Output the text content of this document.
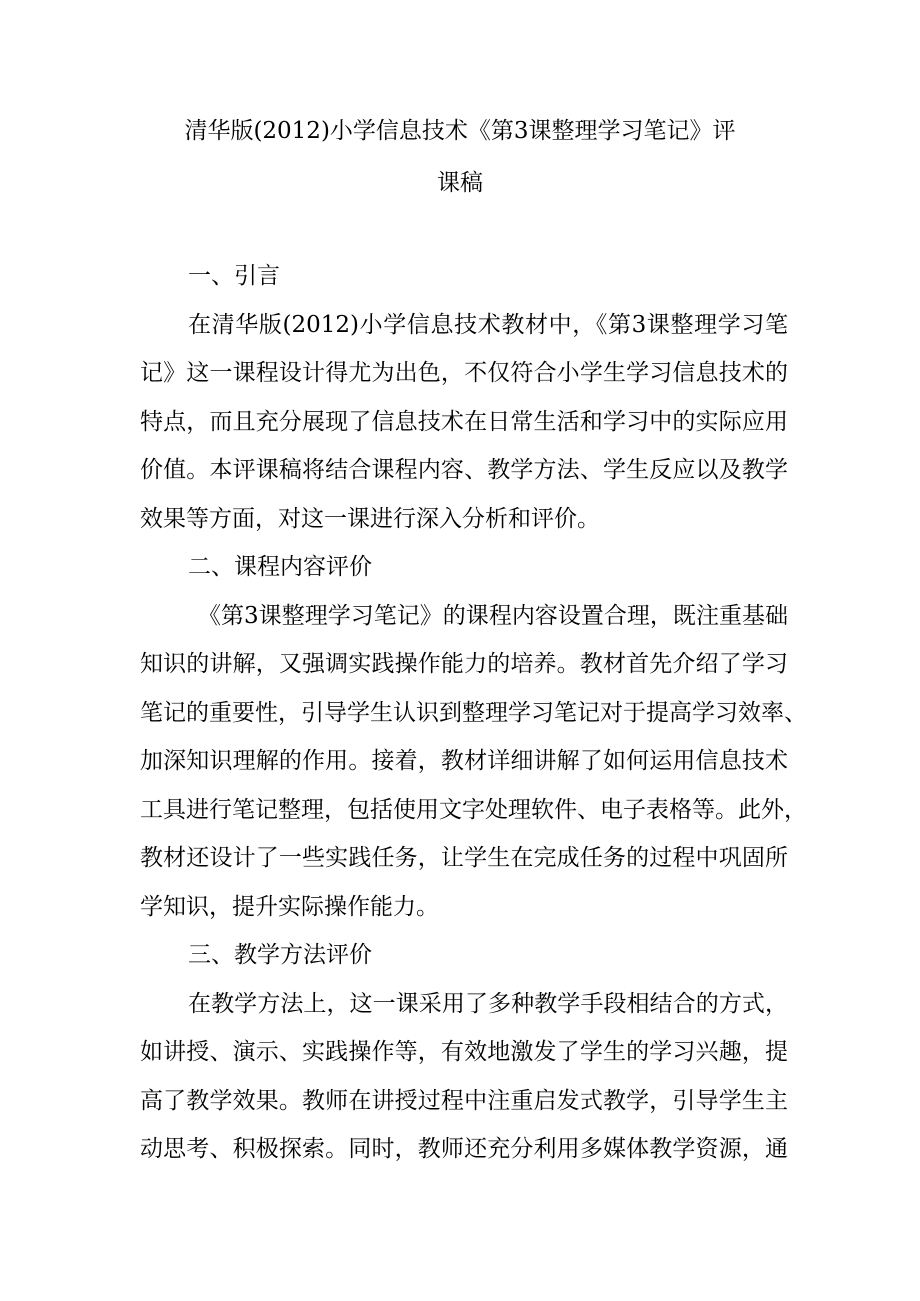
清华版(2012)小学信息技术《第3课整理学习笔记》评
课稿
一、引言

在清华版(2012)小学信息技术教材中，《第3课整理学习笔
记》这一课程设计得尤为出色，不仅符合小学生学习信息技术的
特点，而且充分展现了信息技术在日常生活和学习中的实际应用
价值。本评课稿将结合课程内容、教学方法、学生反应以及教学
效果等方面，对这一课进行深入分析和评价。

二、课程内容评价

《第3课整理学习笔记》的课程内容设置合理，既注重基础
知识的讲解，又强调实践操作能力的培养。教材首先介绍了学习
笔记的重要性，引导学生认识到整理学习笔记对于提高学习效率、
加深知识理解的作用。接着，教材详细讲解了如何运用信息技术
工具进行笔记整理，包括使用文字处理软件、电子表格等。此外，
教材还设计了一些实践任务，让学生在完成任务的过程中巩固所
学知识，提升实际操作能力。

三、教学方法评价

在教学方法上，这一课采用了多种教学手段相结合的方式，
如讲授、演示、实践操作等，有效地激发了学生的学习兴趣，提
高了教学效果。教师在讲授过程中注重启发式教学，引导学生主
动思考、积极探索。同时，教师还充分利用多媒体教学资源，通
